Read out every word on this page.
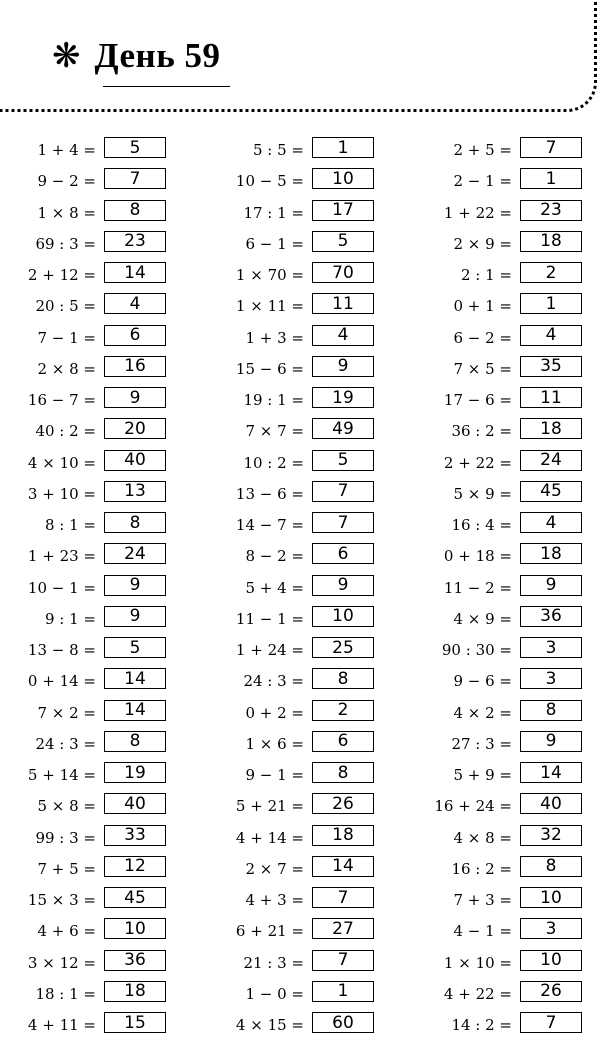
❋ День 59
1 + 4 =	5
9 − 2 =	7
1 × 8 =	8
69 : 3 =	23
2 + 12 =	14
20 : 5 =	4
7 − 1 =	6
2 × 8 =	16
16 − 7 =	9
40 : 2 =	20
4 × 10 =	40
3 + 10 =	13
8 : 1 =	8
1 + 23 =	24
10 − 1 =	9
9 : 1 =	9
13 − 8 =	5
0 + 14 =	14
7 × 2 =	14
24 : 3 =	8
5 + 14 =	19
5 × 8 =	40
99 : 3 =	33
7 + 5 =	12
15 × 3 =	45
4 + 6 =	10
3 × 12 =	36
18 : 1 =	18
4 + 11 =	15
5 : 5 =	1
10 − 5 =	10
17 : 1 =	17
6 − 1 =	5
1 × 70 =	70
1 × 11 =	11
1 + 3 =	4
15 − 6 =	9
19 : 1 =	19
7 × 7 =	49
10 : 2 =	5
13 − 6 =	7
14 − 7 =	7
8 − 2 =	6
5 + 4 =	9
11 − 1 =	10
1 + 24 =	25
24 : 3 =	8
0 + 2 =	2
1 × 6 =	6
9 − 1 =	8
5 + 21 =	26
4 + 14 =	18
2 × 7 =	14
4 + 3 =	7
6 + 21 =	27
21 : 3 =	7
1 − 0 =	1
4 × 15 =	60
2 + 5 =	7
2 − 1 =	1
1 + 22 =	23
2 × 9 =	18
2 : 1 =	2
0 + 1 =	1
6 − 2 =	4
7 × 5 =	35
17 − 6 =	11
36 : 2 =	18
2 + 22 =	24
5 × 9 =	45
16 : 4 =	4
0 + 18 =	18
11 − 2 =	9
4 × 9 =	36
90 : 30 =	3
9 − 6 =	3
4 × 2 =	8
27 : 3 =	9
5 + 9 =	14
16 + 24 =	40
4 × 8 =	32
16 : 2 =	8
7 + 3 =	10
4 − 1 =	3
1 × 10 =	10
4 + 22 =	26
14 : 2 =	7
